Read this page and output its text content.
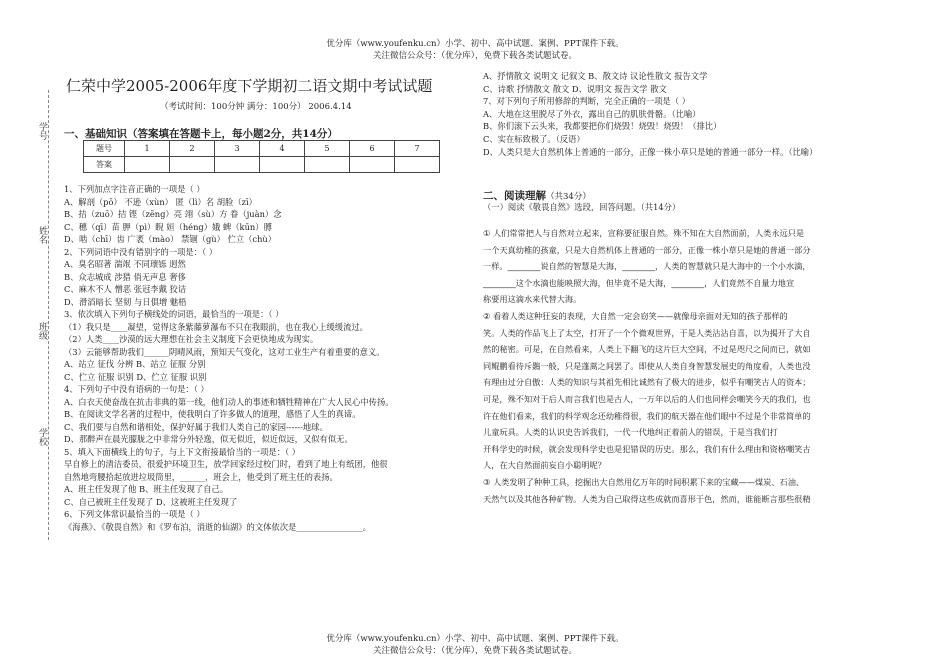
优分库（www.youfenku.cn）小学、初中、高中试题、案例、PPT课件下载。
关注微信公众号：（优分库），免费下载各类试题试卷。
学号
姓名
班级
学校
仁荣中学2005-2006年度下学期初二语文期中考试试题
（考试时间：100分钟 满分：100分） 2006.4.14
一、基础知识（答案填在答题卡上，每小题2分，共14分）
题号	1	2	3	4	5	6	7
答案							
1、下列加点字注音正确的一项是（ ）
A、解剖（pō） 不逊（xùn） 匿（lì）名 胡脸（zī）
B、拮（zuō）拮 铿（zēng）亮 翊（sù）方 眷（juàn）念
C、穗（qī）苗 胛（pì）睨 姮（héng）娥 蜱（kūn）膊
D、啮（chī）齿 广袤（mào） 禁锢（gù） 伫立（chù）
2、下列词语中没有错别字的一项是：（ ）
A、臭名昭著 湍䇇 不同瓌铄 迥然
B、众志城成 涉猎 俏无声息 奢侈
C、麻木不人 憎恶 张冠李戴 狡诘
D、滑滔暗长 坚韧 与日俱增 魅梧
3、依次填入下列句子横线处的词语，最恰当的一项是：（ ）
（1）我只是____凝望，觉得这条紫藤萝瀑布不只在我眼前，也在我心上缓缓流过。
（2）人类____沙漠的远大理想在社会主义制度下会更快地成为现实。
（3）云能够帮助我们______阴晴风雨，预知天气变化，这对工业生产有着重要的意义。
A、站立 征伐 分辨 B、站立 征服 分别
C、伫立 征服 识别 D、伫立 征服 识别
4、下列句子中没有语病的一句是：（ ）
A、白衣天使奋战在抗击非典的第一线，他们动人的事迹和牺牲精神在广大人民心中传扬。
B、在阅读文学名著的过程中，使我明白了许多做人的道理，感悟了人生的真谛。
C、我们要与自然和谐相处，保护好属于我们人类自己的家园------地球。
D、那醉声在晨光朦胧之中非常分外轻逸，似无似近，似近似远，又似有似无。
5、填入下面横线上的句子，与上下文衔接最恰当的一项是：（ ）
早自修上的清洁委员，很爱护环境卫生，放学回家经过校门时，看到了地上有纸团，他很
自然地弯腰拾起放进垃圾筒里，______，班会上，他受到了班主任的表扬。
A、班主任发现了他 B、班主任发现了自己。
C、自己被班主任发现了 D、这被班主任发现了
6、下列文体常识最恰当的一项是（ ）
《海燕》、《敬畏自然》和《罗布泊，消逝的仙湖》的文体依次是________________。
A、抒情散文 说明文 记叙文 B、散文诗 议论性散文 报告文学
C、诗歌 抒情散文 散文 D、说明文 报告文学 散文
7、对下列句子所用修辞的判断，完全正确的一项是（ ）
A、大地在这里脱尽了外衣，露出自己的肌肤骨骼。（比喻）
B、你们滚下云头来，我都要把你们烧毁！烧毁！烧毁！（排比）
C、实在标致极了。（反语）
D、人类只是大自然机体上普通的一部分，正像一株小草只是她的普通一部分一样。（比喻）
二、阅读理解（共34分）
（一）阅读《敬畏自然》选段，回答问题。（共14分）
① 人们常常把人与自然对立起来，宣称要征服自然。殊不知在大自然面前，人类永远只是
一个天真幼稚的孩童，只是大自然机体上普通的一部分，正像一株小草只是她的普通一部分
一样。________说自然的智慧是大海，________，人类的智慧就只是大海中的一个小水滴，
________这个水滴也能映照大海，但毕竟不是大海，________，人们竟然不自量力地宣
称要用这滴水来代替大海。
② 看着人类这种狂妄的表现，大自然一定会窃笑——就像母亲面对无知的孩子那样的
笑。人类的作品飞上了太空，打开了一个个微观世界，于是人类沾沾自喜，以为揭开了大自
然的秘密。可是，在自然看来，人类上下翻飞的这片巨大空间，不过是咫尺之间而已，就如
同鲲鹏看待斥鷃一般，只是蓬蒿之间罢了。即使从人类自身智慧发展史的角度看，人类也没
有理由过分自傲：人类的知识与其祖先相比诚然有了极大的进步，似乎有嘲笑古人的资本；
可是，殊不知对于后人而言我们也是古人，一万年以后的人们也同样会嘲笑今天的我们，也
许在他们看来，我们的科学观念还幼稚得很，我们的航天器在他们眼中不过是个非常简单的
儿童玩具。人类的认识史告诉我们，一代一代地纠正着前人的错误，于是当我们打
开科学史的时候，就会发现科学史也是犯错误的历史。那么，我们有什么理由和资格嘲笑古
人，在大自然面前妄自小聪明呢？
③ 人类发明了种种工具，挖掘出大自然用亿万年的时间积累下来的宝藏——煤炭、石油、
天然气以及其他各种矿物。人类为自己取得这些成就而喜形于色，然而，谁能断言那些很精
优分库（www.youfenku.cn）小学、初中、高中试题、案例、PPT课件下载。
关注微信公众号：（优分库），免费下载各类试题试卷。
